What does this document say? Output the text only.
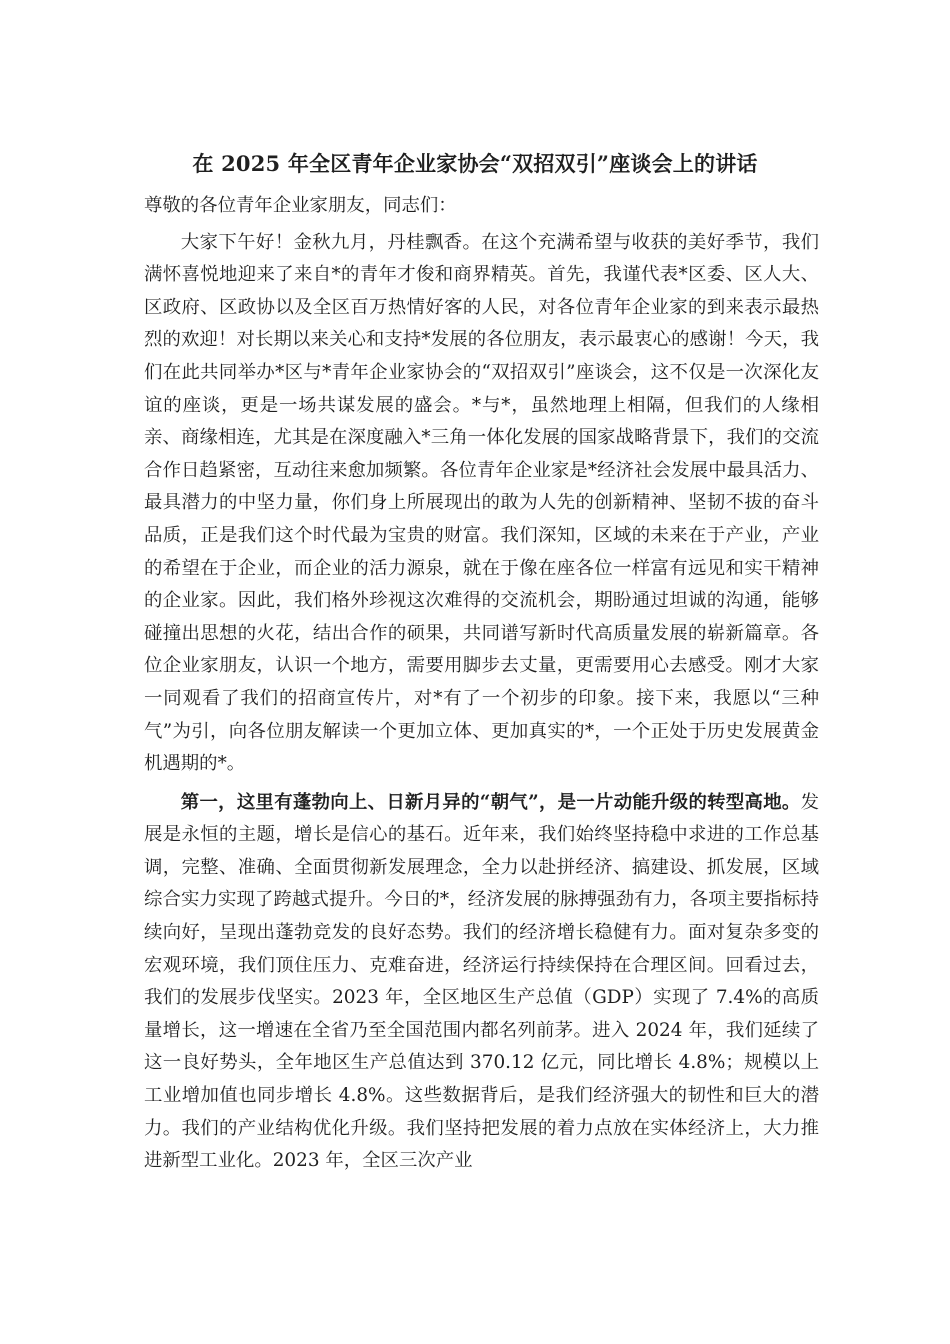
在 2025 年全区青年企业家协会“双招双引”座谈会上的讲话

尊敬的各位青年企业家朋友，同志们：

大家下午好！金秋九月，丹桂飘香。在这个充满希望与收获的美好季节，我们满怀喜悦地迎来了来自*的青年才俊和商界精英。首先，我谨代表*区委、区人大、区政府、区政协以及全区百万热情好客的人民，对各位青年企业家的到来表示最热烈的欢迎！对长期以来关心和支持*发展的各位朋友，表示最衷心的感谢！今天，我们在此共同举办*区与*青年企业家协会的“双招双引”座谈会，这不仅是一次深化友谊的座谈，更是一场共谋发展的盛会。*与*，虽然地理上相隔，但我们的人缘相亲、商缘相连，尤其是在深度融入*三角一体化发展的国家战略背景下，我们的交流合作日趋紧密，互动往来愈加频繁。各位青年企业家是*经济社会发展中最具活力、最具潜力的中坚力量，你们身上所展现出的敢为人先的创新精神、坚韧不拔的奋斗品质，正是我们这个时代最为宝贵的财富。我们深知，区域的未来在于产业，产业的希望在于企业，而企业的活力源泉，就在于像在座各位一样富有远见和实干精神的企业家。因此，我们格外珍视这次难得的交流机会，期盼通过坦诚的沟通，能够碰撞出思想的火花，结出合作的硕果，共同谱写新时代高质量发展的崭新篇章。各位企业家朋友，认识一个地方，需要用脚步去丈量，更需要用心去感受。刚才大家一同观看了我们的招商宣传片，对*有了一个初步的印象。接下来，我愿以“三种气”为引，向各位朋友解读一个更加立体、更加真实的*，一个正处于历史发展黄金机遇期的*。

第一，这里有蓬勃向上、日新月异的“朝气”，是一片动能升级的转型高地。发展是永恒的主题，增长是信心的基石。近年来，我们始终坚持稳中求进的工作总基调，完整、准确、全面贯彻新发展理念，全力以赴拼经济、搞建设、抓发展，区域综合实力实现了跨越式提升。今日的*，经济发展的脉搏强劲有力，各项主要指标持续向好，呈现出蓬勃竞发的良好态势。我们的经济增长稳健有力。面对复杂多变的宏观环境，我们顶住压力、克难奋进，经济运行持续保持在合理区间。回看过去，我们的发展步伐坚实。2023 年，全区地区生产总值（GDP）实现了 7.4%的高质量增长，这一增速在全省乃至全国范围内都名列前茅。进入 2024 年，我们延续了这一良好势头，全年地区生产总值达到 370.12 亿元，同比增长 4.8%；规模以上工业增加值也同步增长 4.8%。这些数据背后，是我们经济强大的韧性和巨大的潜力。我们的产业结构优化升级。我们坚持把发展的着力点放在实体经济上，大力推进新型工业化。2023 年，全区三次产业
